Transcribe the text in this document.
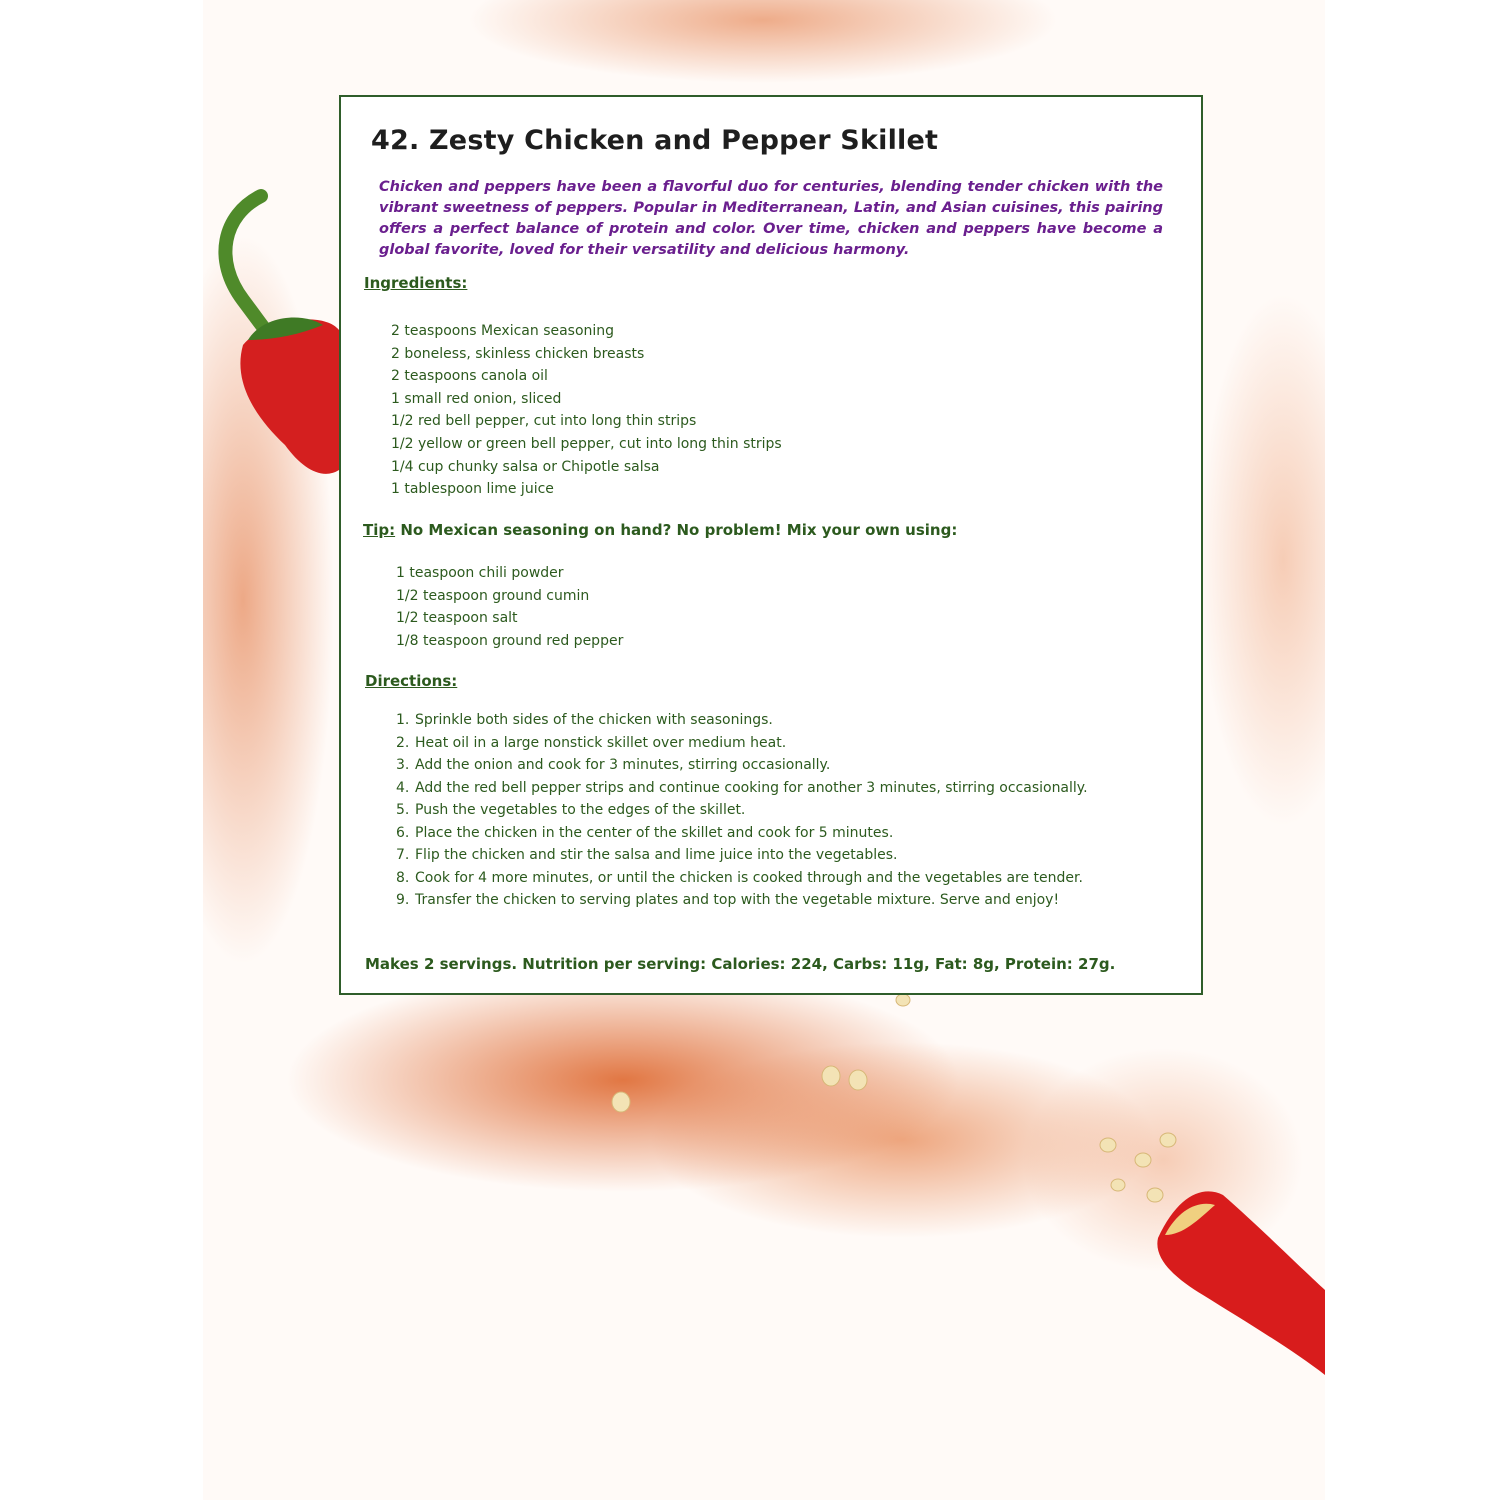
42. Zesty Chicken and Pepper Skillet

Chicken and peppers have been a flavorful duo for centuries, blending tender chicken with the vibrant sweetness of peppers. Popular in Mediterranean, Latin, and Asian cuisines, this pairing offers a perfect balance of protein and color. Over time, chicken and peppers have become a global favorite, loved for their versatility and delicious harmony.

Ingredients:
2 teaspoons Mexican seasoning
2 boneless, skinless chicken breasts
2 teaspoons canola oil
1 small red onion, sliced
1/2 red bell pepper, cut into long thin strips
1/2 yellow or green bell pepper, cut into long thin strips
1/4 cup chunky salsa or Chipotle salsa
1 tablespoon lime juice

Tip: No Mexican seasoning on hand? No problem! Mix your own using:

1 teaspoon chili powder
1/2 teaspoon ground cumin
1/2 teaspoon salt
1/8 teaspoon ground red pepper
Directions:
1. Sprinkle both sides of the chicken with seasonings.
2. Heat oil in a large nonstick skillet over medium heat.
3. Add the onion and cook for 3 minutes, stirring occasionally.
4. Add the red bell pepper strips and continue cooking for another 3 minutes, stirring occasionally.
5. Push the vegetables to the edges of the skillet.
6. Place the chicken in the center of the skillet and cook for 5 minutes.
7. Flip the chicken and stir the salsa and lime juice into the vegetables.
8. Cook for 4 more minutes, or until the chicken is cooked through and the vegetables are tender.
9. Transfer the chicken to serving plates and top with the vegetable mixture. Serve and enjoy!

Makes 2 servings. Nutrition per serving: Calories: 224, Carbs: 11g, Fat: 8g, Protein: 27g.
